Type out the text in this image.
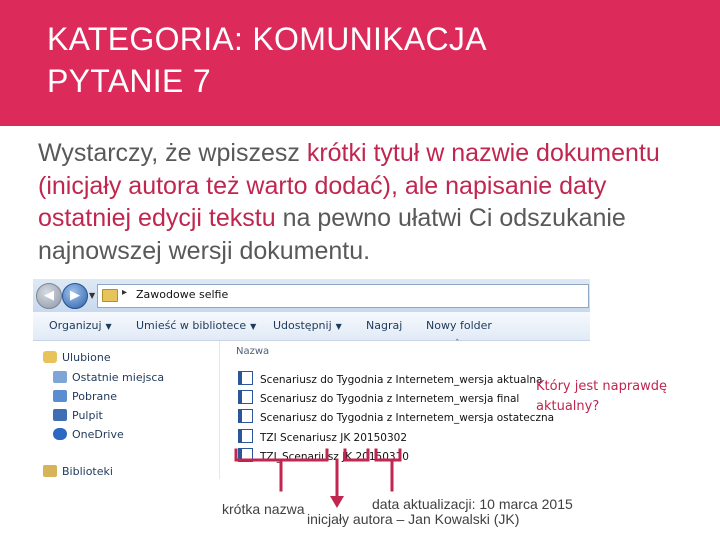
KATEGORIA: KOMUNIKACJA
PYTANIE 7
Wystarczy, że wpiszesz krótki tytuł w nazwie dokumentu (inicjały autora też warto dodać), ale napisanie daty ostatniej edycji tekstu na pewno ułatwi Ci odszukanie najnowszej wersji dokumentu.
◀	▶	▼	▸ Zawodowe selfie
Organizuj ▼ Umieść w bibliotece ▼ Udostępnij ▼ Nagraj Nowy folder
Ulubione
Ostatnie miejsca
Pobrane
Pulpit
OneDrive
Biblioteki
Nazwa
ˆ
Scenariusz do Tygodnia z Internetem_wersja aktualna
Scenariusz do Tygodnia z Internetem_wersja final
Scenariusz do Tygodnia z Internetem_wersja ostateczna
TZI Scenariusz JK 20150302
TZI_Scenariusz JK 20150310
Który jest naprawdę
aktualny?
krótka nazwa	data aktualizacji: 10 marca 2015
inicjały autora – Jan Kowalski (JK)
